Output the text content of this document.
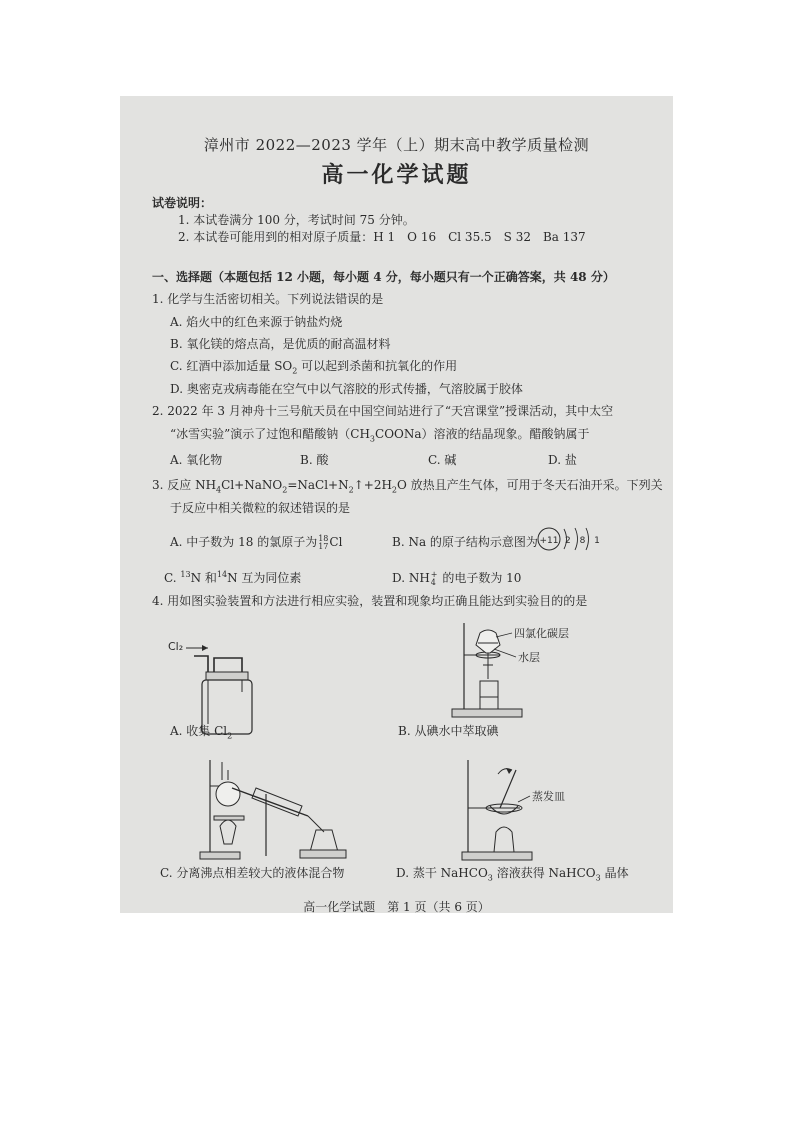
漳州市 2022—2023 学年（上）期末高中教学质量检测
高一化学试题
试卷说明：
1. 本试卷满分 100 分，考试时间 75 分钟。
2. 本试卷可能用到的相对原子质量：H 1　O 16　Cl 35.5　S 32　Ba 137
一、选择题（本题包括 12 小题，每小题 4 分，每小题只有一个正确答案，共 48 分）
1. 化学与生活密切相关。下列说法错误的是
A. 焰火中的红色来源于钠盐灼烧
B. 氧化镁的熔点高，是优质的耐高温材料
C. 红酒中添加适量 $SO_2$ 可以起到杀菌和抗氧化的作用
D. 奥密克戎病毒能在空气中以气溶胶的形式传播，气溶胶属于胶体
2. 2022 年 3 月神舟十三号航天员在中国空间站进行了“天宫课堂”授课活动，其中太空
“冰雪实验”演示了过饱和醋酸钠$(CH_3COONa)$溶液的结晶现象。醋酸钠属于
A. 氧化物	B. 酸	C. 碱	D. 盐
3. 反应 $NH_4Cl+NaNO_2=NaCl+N_2↑+2H_2O$ 放热且产生气体，可用于冬天石油开采。下列关
于反应中相关微粒的叙述错误的是
A. 中子数为 18 的氯原子为18
17Cl	B. Na 的原子结构示意图为 +11 2 8 1
C. $^{13}$N 和$^{14}$N 互为同位素	D. NH+
4 的电子数为 10
4. 用如图实验装置和方法进行相应实验，装置和现象均正确且能达到实验目的的是
Cl₂
A. 收集 $Cl_2$
四氯化碳层
水层
B. 从碘水中萃取碘
C. 分离沸点相差较大的液体混合物
蒸发皿
D. 蒸干 NaHCO$_3$ 溶液获得 NaHCO$_3$ 晶体
高一化学试题　第 1 页（共 6 页）
